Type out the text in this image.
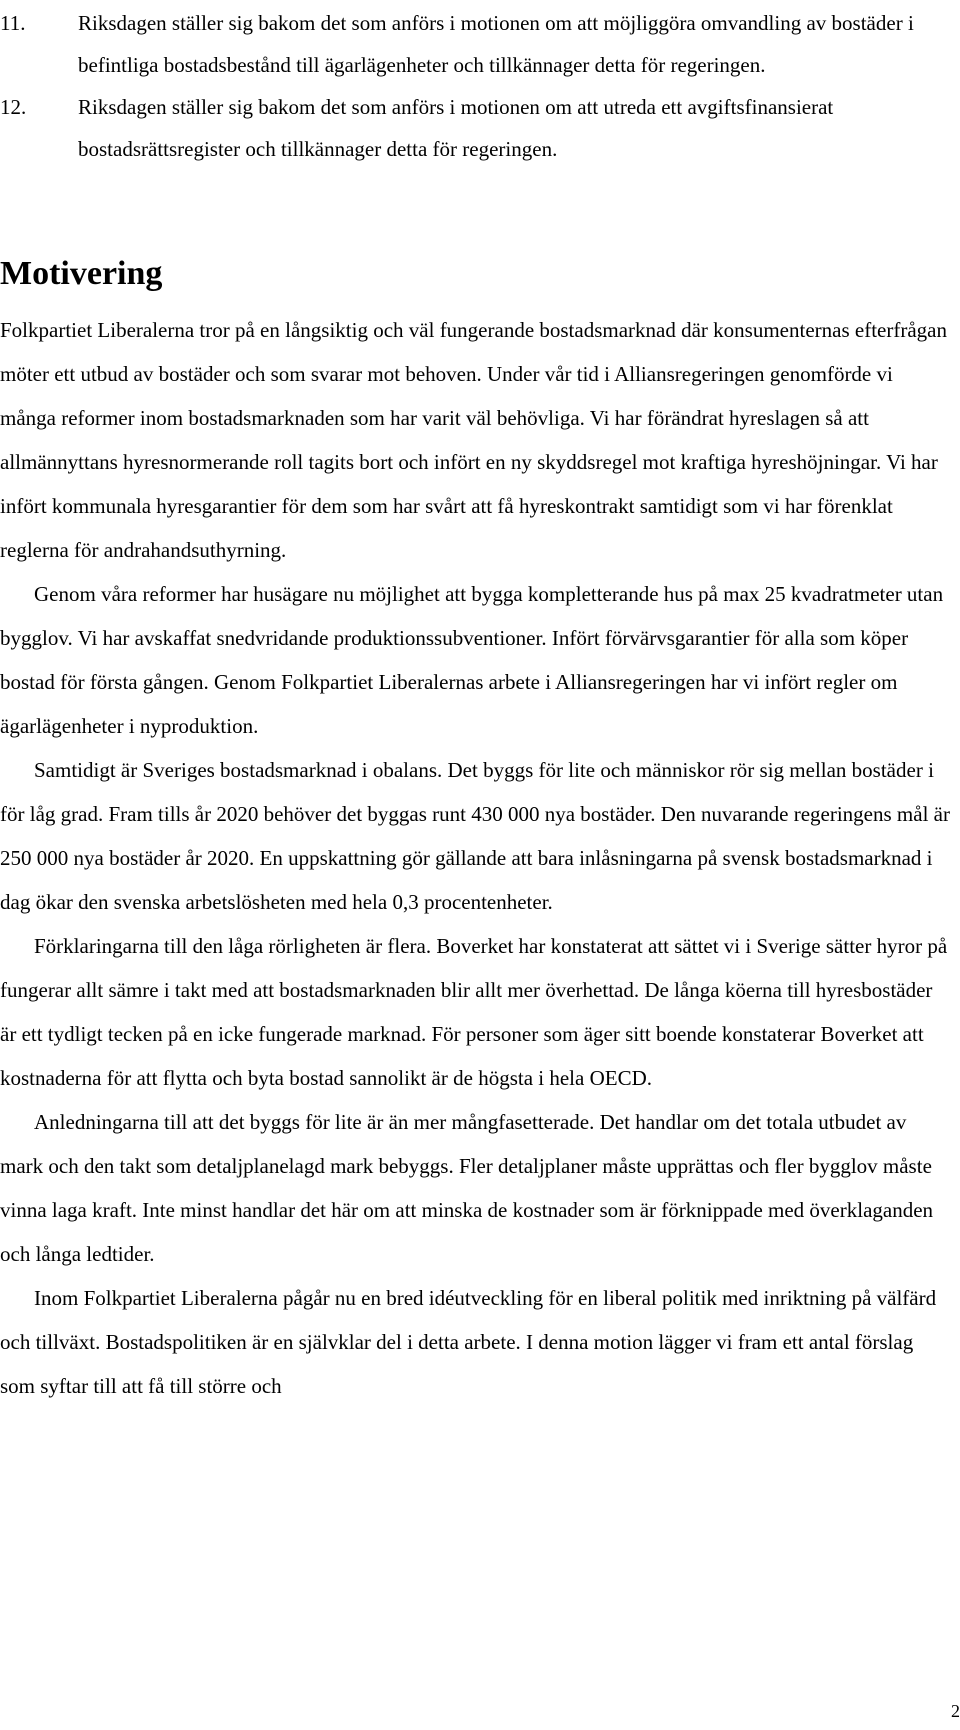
11.	Riksdagen ställer sig bakom det som anförs i motionen om att möjliggöra omvandling av bostäder i befintliga bostadsbestånd till ägarlägenheter och tillkännager detta för regeringen.
12.	Riksdagen ställer sig bakom det som anförs i motionen om att utreda ett avgiftsfinansierat bostadsrättsregister och tillkännager detta för regeringen.
Motivering

Folkpartiet Liberalerna tror på en långsiktig och väl fungerande bostadsmarknad där konsumenternas efterfrågan möter ett utbud av bostäder och som svarar mot behoven. Under vår tid i Alliansregeringen genomförde vi många reformer inom bostadsmarknaden som har varit väl behövliga. Vi har förändrat hyreslagen så att allmännyttans hyresnormerande roll tagits bort och infört en ny skyddsregel mot kraftiga hyreshöjningar. Vi har infört kommunala hyresgarantier för dem som har svårt att få hyreskontrakt samtidigt som vi har förenklat reglerna för andrahandsuthyrning.

Genom våra reformer har husägare nu möjlighet att bygga kompletterande hus på max 25 kvadratmeter utan bygglov. Vi har avskaffat snedvridande produktionssubventioner. Infört förvärvsgarantier för alla som köper bostad för första gången. Genom Folkpartiet Liberalernas arbete i Alliansregeringen har vi infört regler om ägarlägenheter i nyproduktion.

Samtidigt är Sveriges bostadsmarknad i obalans. Det byggs för lite och människor rör sig mellan bostäder i för låg grad. Fram tills år 2020 behöver det byggas runt 430 000 nya bostäder. Den nuvarande regeringens mål är 250 000 nya bostäder år 2020. En uppskattning gör gällande att bara inlåsningarna på svensk bostadsmarknad i dag ökar den svenska arbetslösheten med hela 0,3 procentenheter.

Förklaringarna till den låga rörligheten är flera. Boverket har konstaterat att sättet vi i Sverige sätter hyror på fungerar allt sämre i takt med att bostadsmarknaden blir allt mer överhettad. De långa köerna till hyresbostäder är ett tydligt tecken på en icke fungerade marknad. För personer som äger sitt boende konstaterar Boverket att kostnaderna för att flytta och byta bostad sannolikt är de högsta i hela OECD.

Anledningarna till att det byggs för lite är än mer mångfasetterade. Det handlar om det totala utbudet av mark och den takt som detaljplanelagd mark bebyggs. Fler detaljplaner måste upprättas och fler bygglov måste vinna laga kraft. Inte minst handlar det här om att minska de kostnader som är förknippade med överklaganden och långa ledtider.

Inom Folkpartiet Liberalerna pågår nu en bred idéutveckling för en liberal politik med inriktning på välfärd och tillväxt. Bostadspolitiken är en självklar del i detta arbete. I denna motion lägger vi fram ett antal förslag som syftar till att få till större och

2
